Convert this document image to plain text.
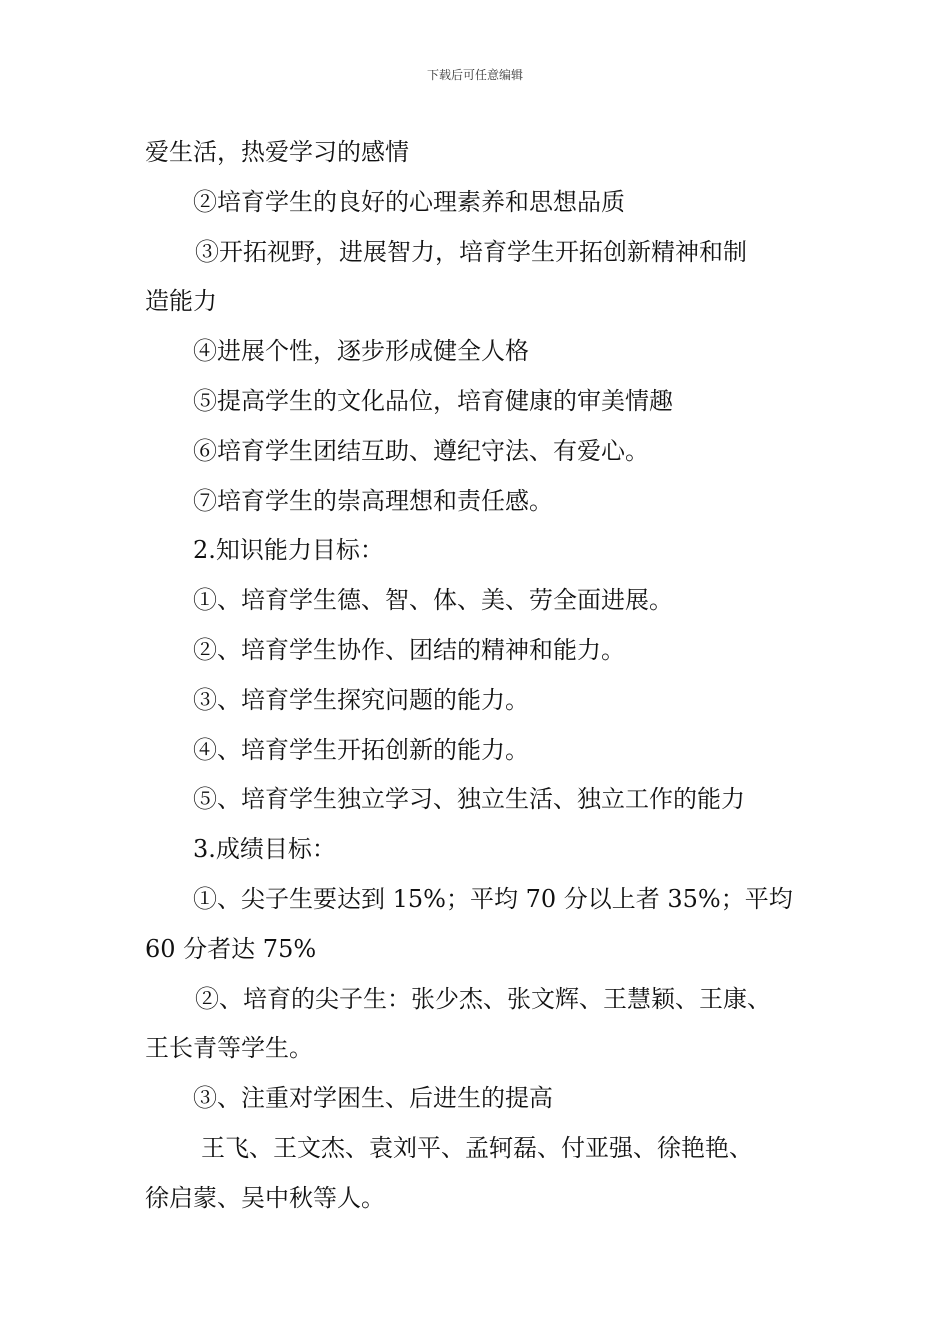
下载后可任意编辑
爱生活，热爱学习的感情
②培育学生的良好的心理素养和思想品质
③开拓视野，进展智力，培育学生开拓创新精神和制
造能力
④进展个性，逐步形成健全人格
⑤提高学生的文化品位，培育健康的审美情趣
⑥培育学生团结互助、遵纪守法、有爱心。
⑦培育学生的崇高理想和责任感。
2.知识能力目标：
①、培育学生德、智、体、美、劳全面进展。
②、培育学生协作、团结的精神和能力。
③、培育学生探究问题的能力。
④、培育学生开拓创新的能力。
⑤、培育学生独立学习、独立生活、独立工作的能力
3.成绩目标：
①、尖子生要达到 15%；平均 70 分以上者 35%；平均
60 分者达 75%
②、培育的尖子生：张少杰、张文辉、王慧颖、王康、
王长青等学生。
③、注重对学困生、后进生的提高
王飞、王文杰、袁刘平、孟轲磊、付亚强、徐艳艳、
徐启蒙、吴中秋等人。
